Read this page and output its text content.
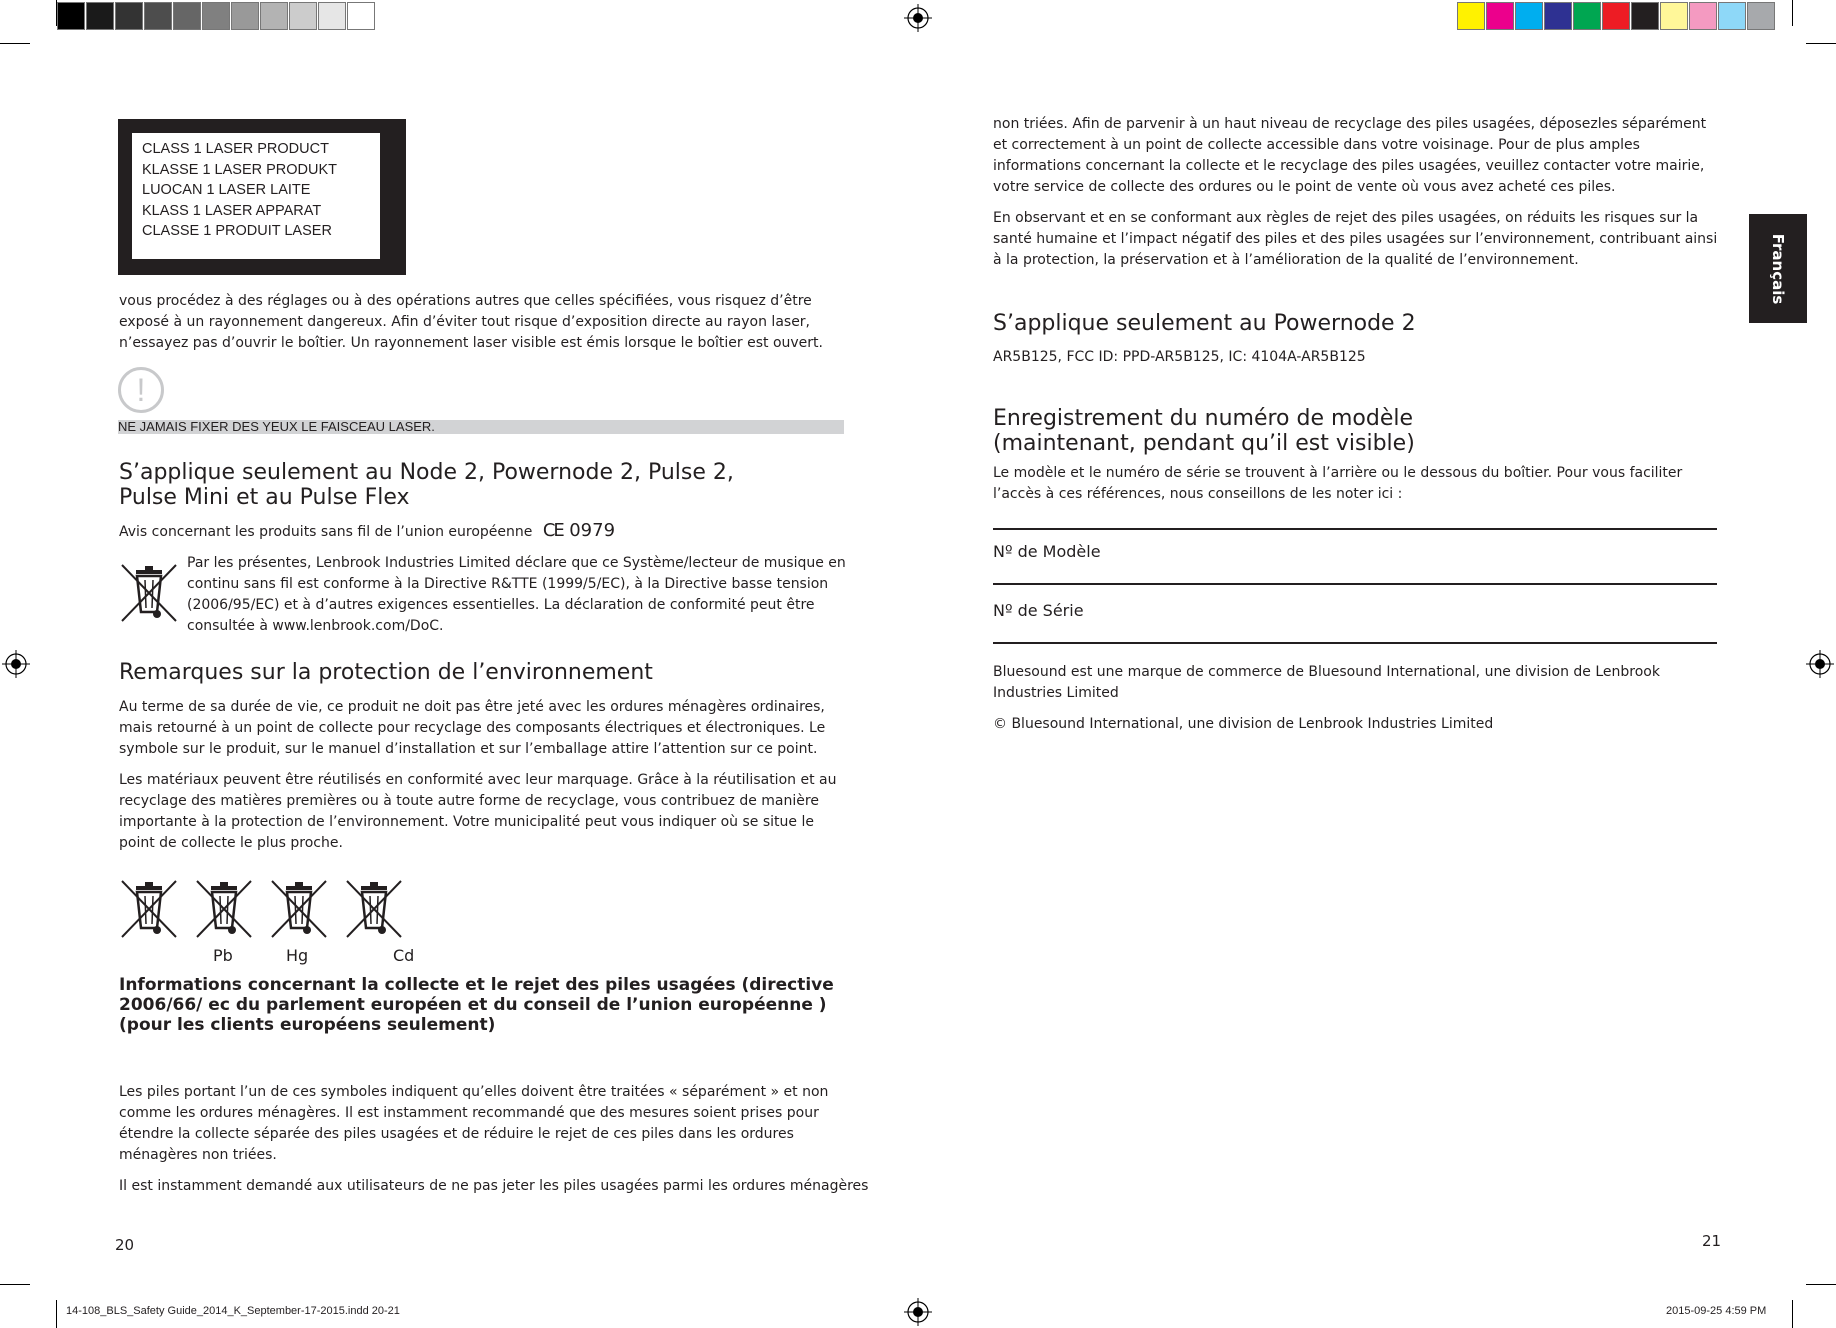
CLASS 1 LASER PRODUCT
KLASSE 1 LASER PRODUKT
LUOCAN 1 LASER LAITE
KLASS 1 LASER APPARAT
CLASSE 1 PRODUIT LASER

vous procédez à des réglages ou à des opérations autres que celles spécifiées, vous risquez d’être exposé à un rayonnement dangereux. Afin d’éviter tout risque d’exposition directe au rayon laser, n’essayez pas d’ouvrir le boîtier. Un rayonnement laser visible est émis lorsque le boîtier est ouvert.

!
NE JAMAIS FIXER DES YEUX LE FAISCEAU LASER.
S’applique seulement au Node 2, Powernode 2, Pulse 2, Pulse Mini et au Pulse Flex
Avis concernant les produits sans fil de l’union européenne CE 0979

Par les présentes, Lenbrook Industries Limited déclare que ce Système/lecteur de musique en continu sans fil est conforme à la Directive R&TTE (1999/5/EC), à la Directive basse tension (2006/95/EC) et à d’autres exigences essentielles. La déclaration de conformité peut être consultée à www.lenbrook.com/DoC.

Remarques sur la protection de l’environnement

Au terme de sa durée de vie, ce produit ne doit pas être jeté avec les ordures ménagères ordinaires, mais retourné à un point de collecte pour recyclage des composants électriques et électroniques. Le symbole sur le produit, sur le manuel d’installation et sur l’emballage attire l’attention sur ce point.

Les matériaux peuvent être réutilisés en conformité avec leur marquage. Grâce à la réutilisation et au recyclage des matières premières ou à toute autre forme de recyclage, vous contribuez de manière importante à la protection de l’environnement. Votre municipalité peut vous indiquer où se situe le point de collecte le plus proche.

Pb	Hg	Cd
Informations concernant la collecte et le rejet des piles usagées (directive 2006/66/ ec du parlement européen et du conseil de l’union européenne ) (pour les clients européens seulement)

Les piles portant l’un de ces symboles indiquent qu’elles doivent être traitées « séparément » et non comme les ordures ménagères. Il est instamment recommandé que des mesures soient prises pour étendre la collecte séparée des piles usagées et de réduire le rejet de ces piles dans les ordures ménagères non triées.

Il est instamment demandé aux utilisateurs de ne pas jeter les piles usagées parmi les ordures ménagères

20

non triées. Afin de parvenir à un haut niveau de recyclage des piles usagées, déposezles séparément et correctement à un point de collecte accessible dans votre voisinage. Pour de plus amples informations concernant la collecte et le recyclage des piles usagées, veuillez contacter votre mairie, votre service de collecte des ordures ou le point de vente où vous avez acheté ces piles.

En observant et en se conformant aux règles de rejet des piles usagées, on réduits les risques sur la santé humaine et l’impact négatif des piles et des piles usagées sur l’environnement, contribuant ainsi à la protection, la préservation et à l’amélioration de la qualité de l’environnement.	Français
S’applique seulement au Powernode 2
AR5B125, FCC ID: PPD-AR5B125, IC: 4104A-AR5B125
Enregistrement du numéro de modèle (maintenant, pendant qu’il est visible)

Le modèle et le numéro de série se trouvent à l’arrière ou le dessous du boîtier. Pour vous faciliter l’accès à ces références, nous conseillons de les noter ici :

Nº de Modèle
Nº de Série

Bluesound est une marque de commerce de Bluesound International, une division de Lenbrook Industries Limited

© Bluesound International, une division de Lenbrook Industries Limited

21
14-108_BLS_Safety Guide_2014_K_September-17-2015.indd 20-21	2015-09-25 4:59 PM
